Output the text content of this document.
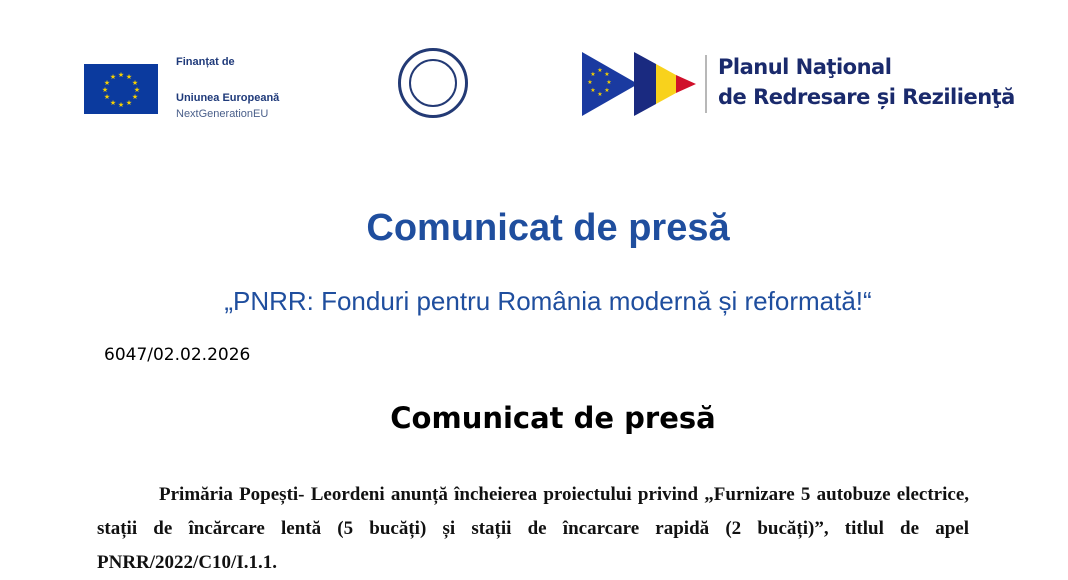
★ ★
★
★
★
★
★
★
★
★
★
★
Finanțat de
Uniunea Europeană
NextGenerationEU
★
★
★
★
★
★
★
★	Planul Naţional
de Redresare și Rezilienţă
Comunicat de presă
„PNRR: Fonduri pentru România modernă și reformată!“
6047/02.02.2026
Comunicat de presă
Primăria Popești- Leordeni anunță încheierea proiectului privind „Furnizare 5 autobuze electrice, stații de încărcare lentă (5 bucăți) și stații de încarcare rapidă (2 bucăți)”, titlul de apel PNRR/2022/C10/I.1.1.
